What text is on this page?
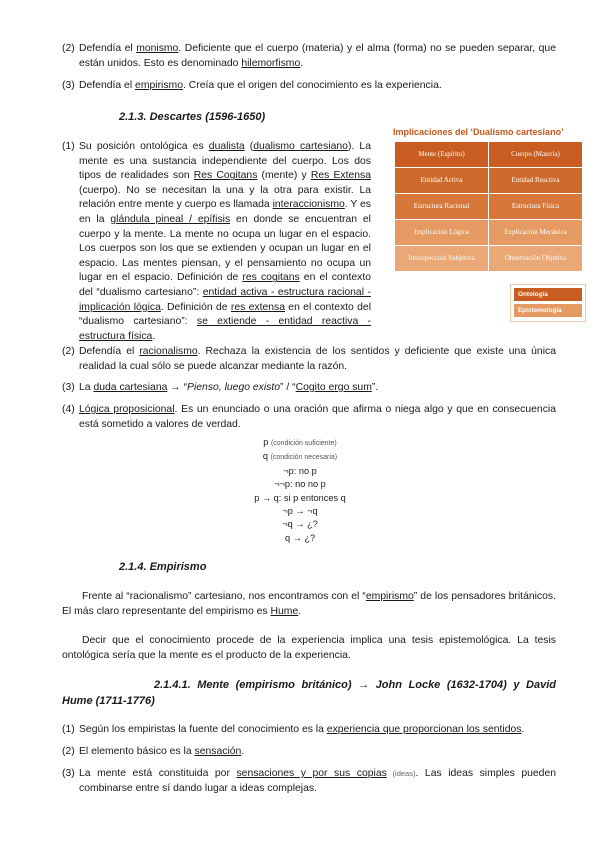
(2) Defendía el monismo. Deficiente que el cuerpo (materia) y el alma (forma) no se pueden separar, que están unidos. Esto es denominado hilemorfismo.
(3) Defendía el empirismo. Creía que el origen del conocimiento es la experiencia.
2.1.3. Descartes (1596-1650)
(1) Su posición ontológica es dualista (dualismo cartesiano). La mente es una sustancia independiente del cuerpo. Los dos tipos de realidades son Res Cogitans (mente) y Res Extensa (cuerpo). No se necesitan la una y la otra para existir. La relación entre mente y cuerpo es llamada interaccionismo. Y es en la glándula pineal / epífisis en donde se encuentran el cuerpo y la mente. La mente no ocupa un lugar en el espacio. Los cuerpos son los que se extienden y ocupan un lugar en el espacio. Las mentes piensan, y el pensamiento no ocupa un lugar en el espacio. Definición de res cogitans en el contexto del “dualismo cartesiano”: entidad activa - estructura racional - implicación lógica. Definición de res extensa en el contexto del “dualismo cartesiano”: se extiende - entidad reactiva - estructura física.
Implicaciones del ‘Dualismo cartesiano’
Mente (Espíritu)	Cuerpo (Materia)
Entidad Activa	Entidad Reactiva
Estructura Racional	Estructura Física
Implicación Lógica	Explicación Mecánica
Introspección Subjetiva	Observación Objetiva
Ontología
Epistemología
(2) Defendía el racionalismo. Rechaza la existencia de los sentidos y deficiente que existe una única realidad la cual sólo se puede alcanzar mediante la razón.
(3) La duda cartesiana → “Pienso, luego existo” / “Cogito ergo sum”.
(4) Lógica proposicional. Es un enunciado o una oración que afirma o niega algo y que en consecuencia está sometido a valores de verdad.
p (condición suficiente)
q (condición necesaria)
¬p: no p
¬¬p: no no p
p → q: si p entonces q
¬p → ¬q
¬q → ¿?
q → ¿?
2.1.4. Empirismo
Frente al “racionalismo” cartesiano, nos encontramos con el “empirismo” de los pensadores británicos. El más claro representante del empirismo es Hume.
Decir que el conocimiento procede de la experiencia implica una tesis epistemológica. La tesis ontológica sería que la mente es el producto de la experiencia.
2.1.4.1. Mente (empirismo británico) → John Locke (1632-1704) y David Hume (1711-1776)
(1) Según los empiristas la fuente del conocimiento es la experiencia que proporcionan los sentidos.
(2) El elemento básico es la sensación.
(3) La mente está constituida por sensaciones y por sus copias (ideas). Las ideas simples pueden combinarse entre sí dando lugar a ideas complejas.
